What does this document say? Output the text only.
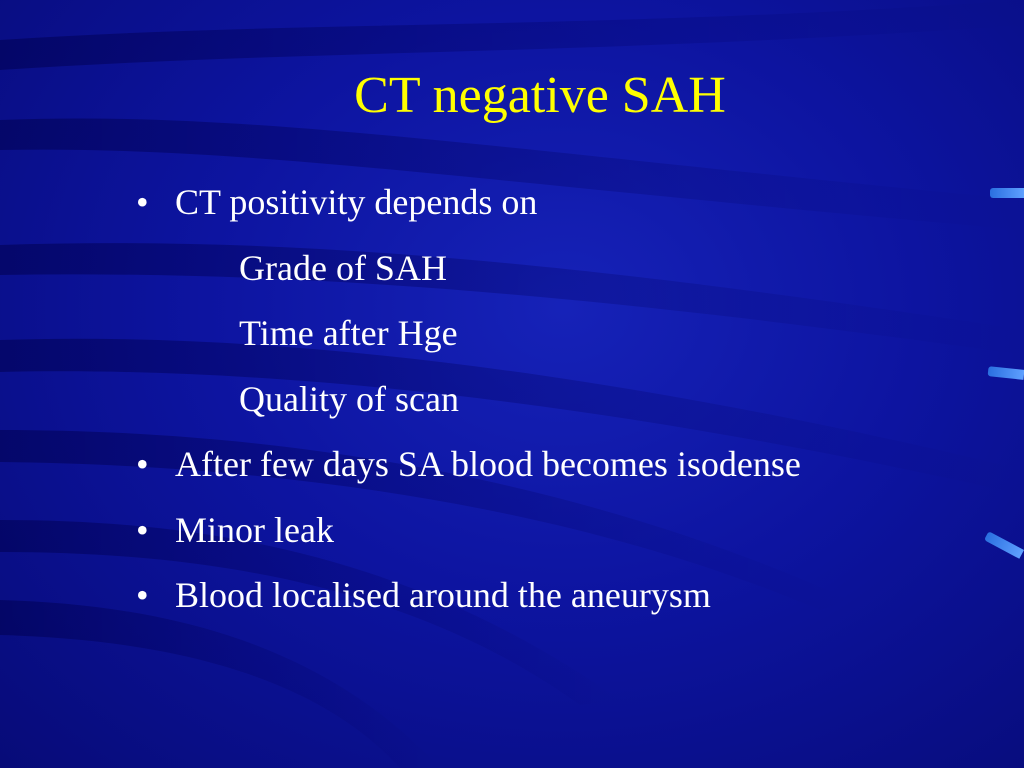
CT negative SAH
• CT positivity depends on
Grade of SAH
Time after Hge
Quality of scan
• After few days SA blood becomes isodense
• Minor leak
• Blood localised around the aneurysm
